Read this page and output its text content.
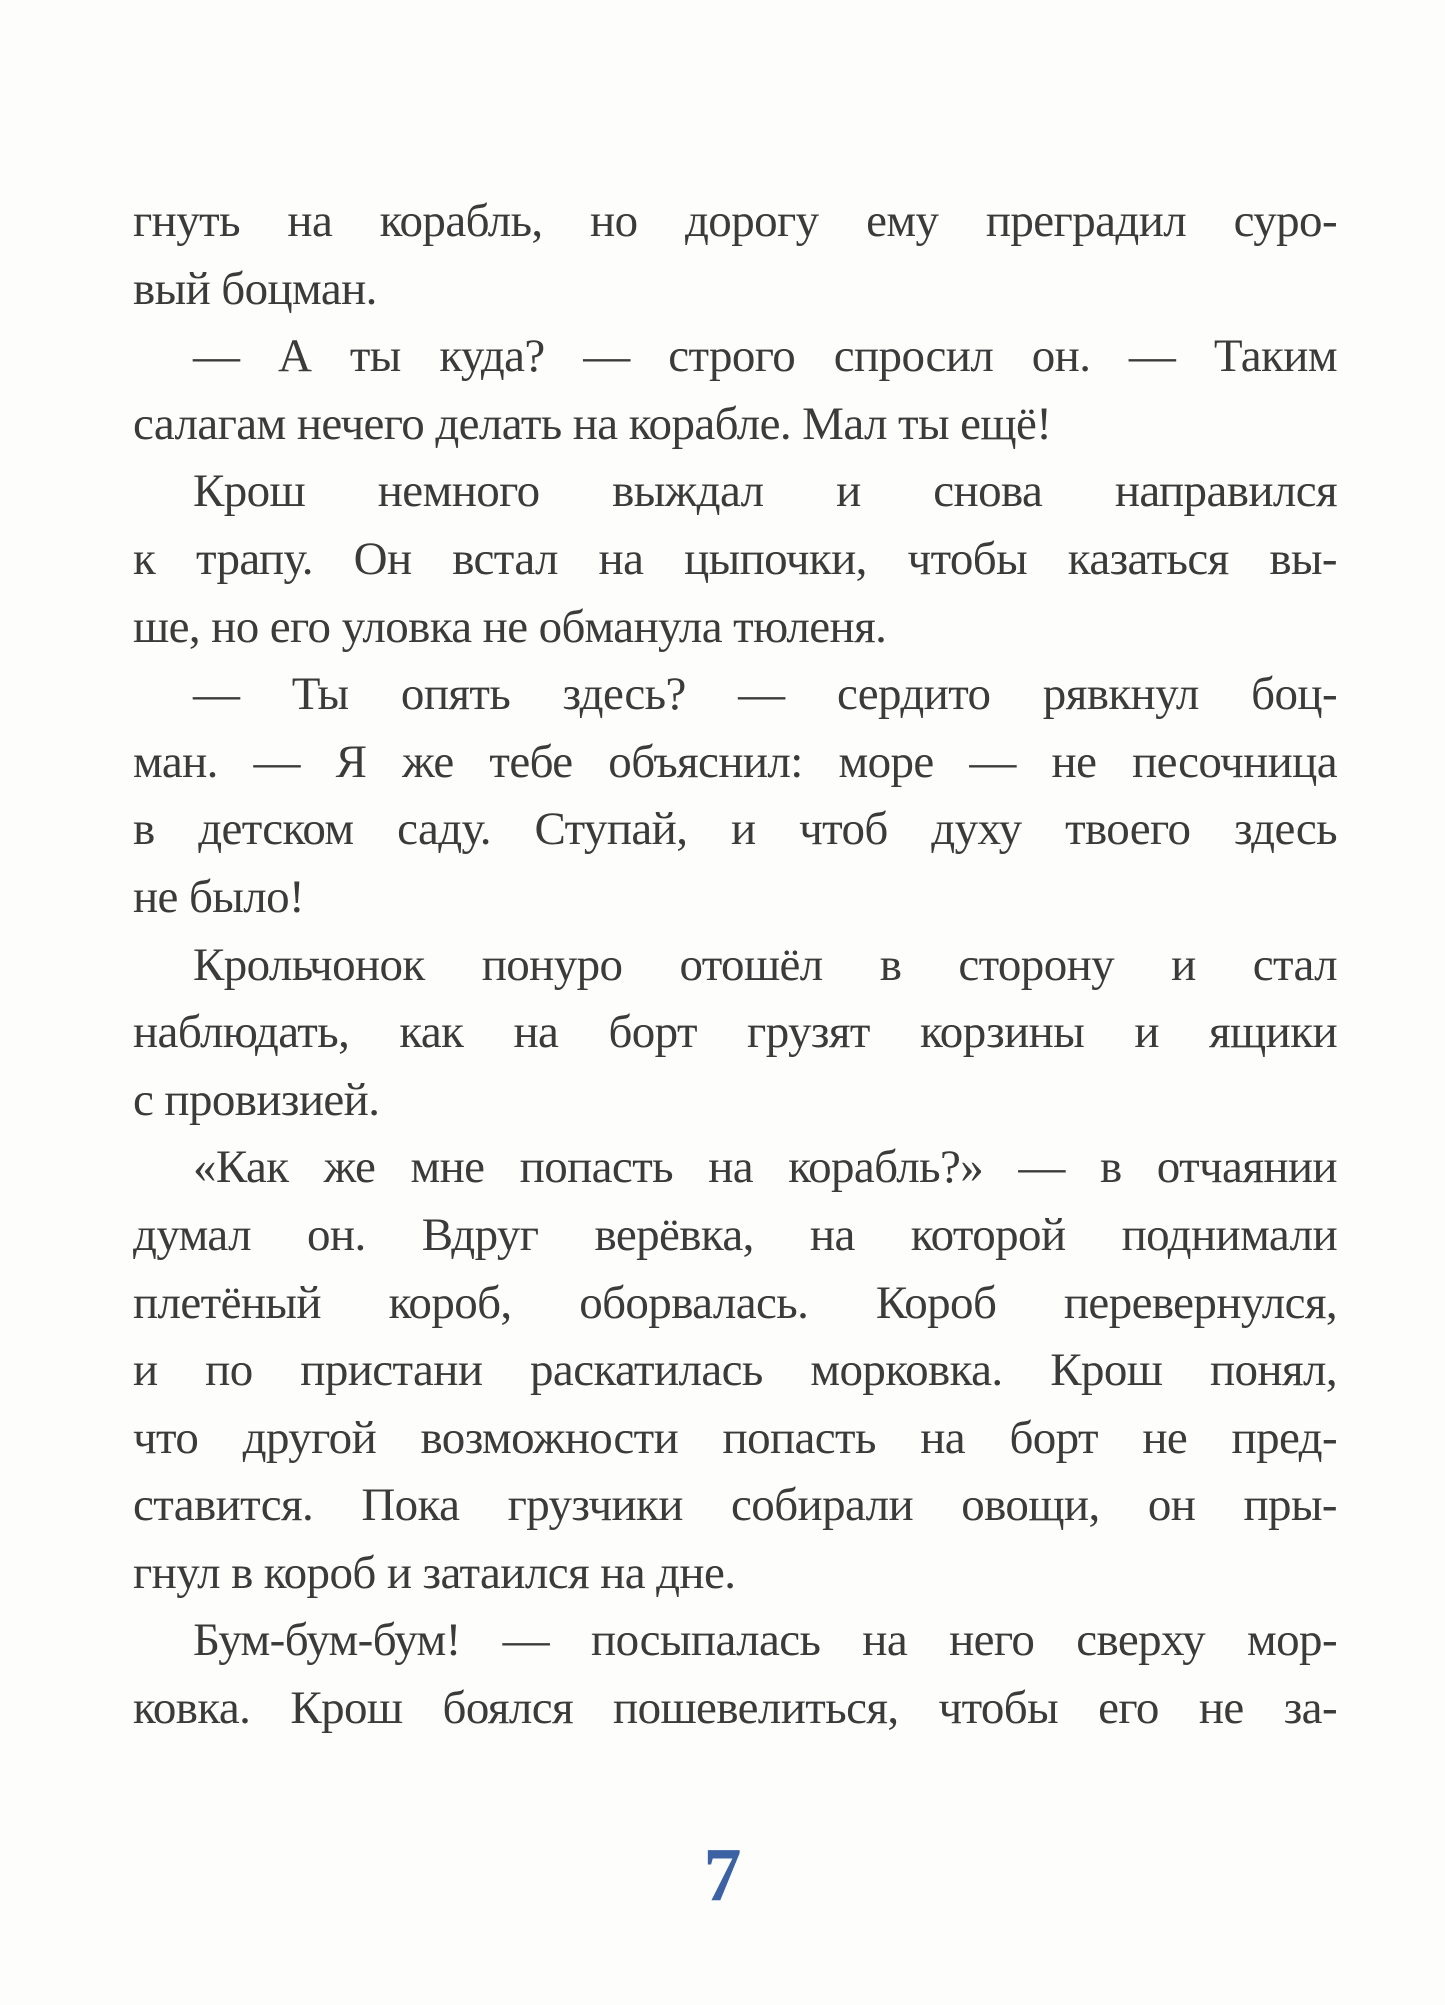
гнуть на корабль, но дорогу ему преградил суро-
вый боцман.
— А ты куда? — строго спросил он. — Таким
салагам нечего делать на корабле. Мал ты ещё!
Крош немного выждал и снова направился
к трапу. Он встал на цыпочки, чтобы казаться вы-
ше, но его уловка не обманула тюленя.
— Ты опять здесь? — сердито рявкнул боц-
ман. — Я же тебе объяснил: море — не песочница
в детском саду. Ступай, и чтоб духу твоего здесь
не было!
Крольчонок понуро отошёл в сторону и стал
наблюдать, как на борт грузят корзины и ящики
с провизией.
«Как же мне попасть на корабль?» — в отчаянии
думал он. Вдруг верёвка, на которой поднимали
плетёный короб, оборвалась. Короб перевернулся,
и по пристани раскатилась морковка. Крош понял,
что другой возможности попасть на борт не пред-
ставится. Пока грузчики собирали овощи, он пры-
гнул в короб и затаился на дне.
Бум-бум-бум! — посыпалась на него сверху мор-
ковка. Крош боялся пошевелиться, чтобы его не за-
7
